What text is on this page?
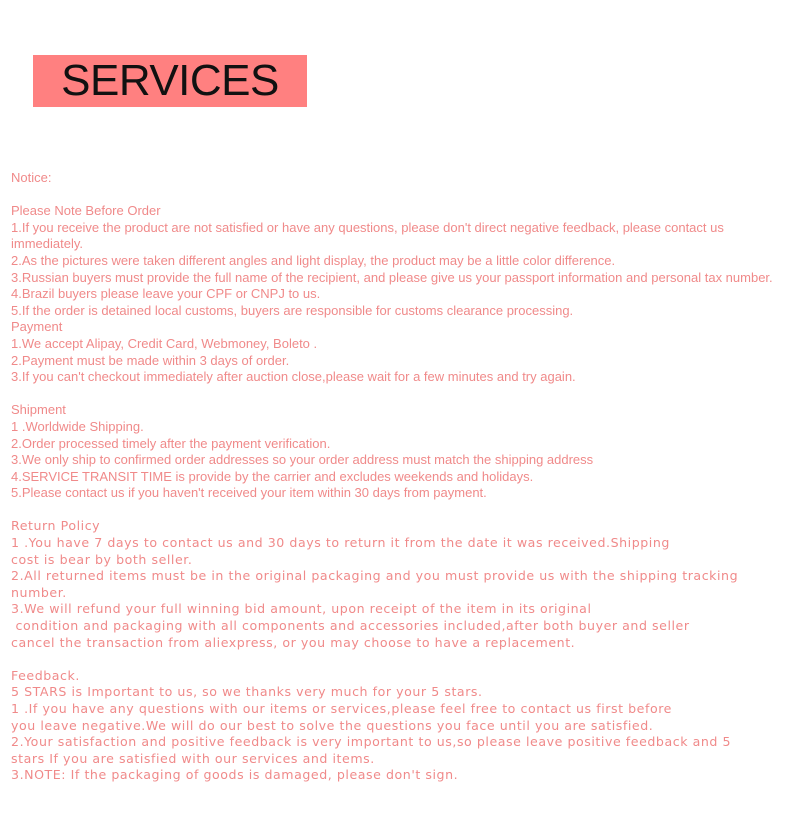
SERVICES
Notice:
Please Note Before Order
1.If you receive the product are not satisfied or have any questions, please don't direct negative feedback, please contact us
immediately.
2.As the pictures were taken different angles and light display, the product may be a little color difference.
3.Russian buyers must provide the full name of the recipient, and please give us your passport information and personal tax number.
4.Brazil buyers please leave your CPF or CNPJ to us.
5.If the order is detained local customs, buyers are responsible for customs clearance processing.
Payment
1.We accept Alipay, Credit Card, Webmoney, Boleto .
2.Payment must be made within 3 days of order.
3.If you can't checkout immediately after auction close,please wait for a few minutes and try again.
Shipment
1 .Worldwide Shipping.
2.Order processed timely after the payment verification.
3.We only ship to confirmed order addresses so your order address must match the shipping address
4.SERVICE TRANSIT TIME is provide by the carrier and excludes weekends and holidays.
5.Please contact us if you haven't received your item within 30 days from payment.
Return Policy
1 .You have 7 days to contact us and 30 days to return it from the date it was received.Shipping
cost is bear by both seller.
2.All returned items must be in the original packaging and you must provide us with the shipping tracking
number.
3.We will refund your full winning bid amount, upon receipt of the item in its original
condition and packaging with all components and accessories included,after both buyer and seller
cancel the transaction from aliexpress, or you may choose to have a replacement.
Feedback.
5 STARS is Important to us, so we thanks very much for your 5 stars.
1 .If you have any questions with our items or services,please feel free to contact us first before
you leave negative.We will do our best to solve the questions you face until you are satisfied.
2.Your satisfaction and positive feedback is very important to us,so please leave positive feedback and 5
stars If you are satisfied with our services and items.
3.NOTE: If the packaging of goods is damaged, please don't sign.
